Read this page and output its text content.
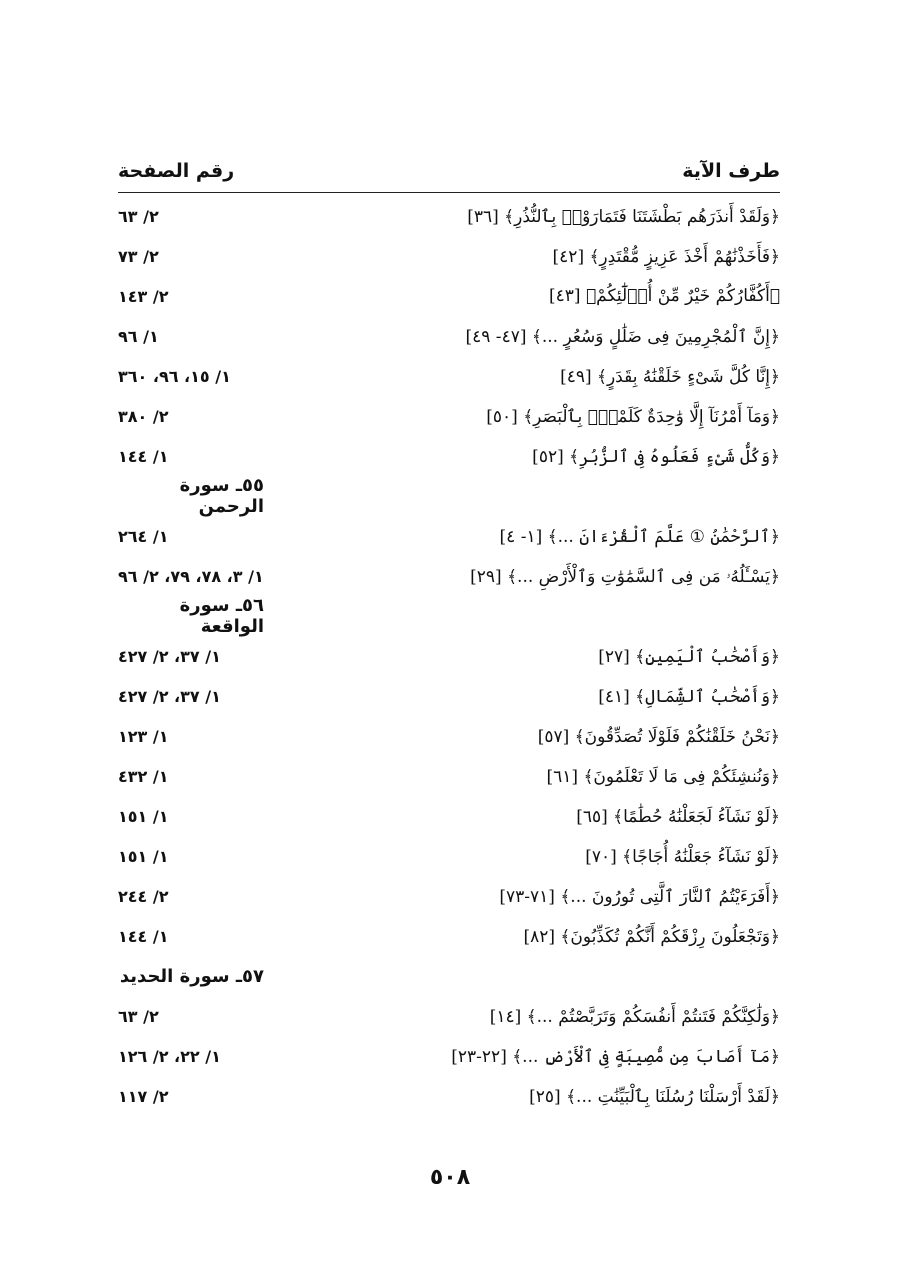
طرف الآية
رقم الصفحة
﴿وَلَقَدْ أَنذَرَهُم بَطْشَتَنَا فَتَمَارَوْا۟ بِٱلنُّذُرِ﴾ [٣٦]
٢/ ٦٣
﴿فَأَخَذْنَٰهُمْ أَخْذَ عَزِيزٍ مُّقْتَدِرٍ﴾ [٤٢]
٢/ ٧٣
﴿أَكُفَّارُكُمْ خَيْرٌ مِّنْ أُو۟لَٰٓئِكُمْ﴾ [٤٣]
٢/ ١٤٣
﴿إِنَّ ٱلْمُجْرِمِينَ فِى ضَلَٰلٍ وَسُعُرٍ ...﴾ [٤٧- ٤٩]
١/ ٩٦
﴿إِنَّا كُلَّ شَىْءٍ خَلَقْنَٰهُ بِقَدَرٍ﴾ [٤٩]
١/ ١٥، ٩٦، ٣٦٠
﴿وَمَآ أَمْرُنَآ إِلَّا وَٰحِدَةٌ كَلَمْحٍۭ بِٱلْبَصَرِ﴾ [٥٠]
٢/ ٣٨٠
﴿وَكُلُّ شَىْءٍ فَعَلُوهُ فِى ٱلزُّبُرِ﴾ [٥٢]
١/ ١٤٤
٥٥ـ سورة الرحمن
﴿ٱلرَّحْمَٰنُ ① عَلَّمَ ٱلْقُرْءَانَ ...﴾ [١- ٤]
١/ ٢٦٤
﴿يَسْـَٔلُهُۥ مَن فِى ٱلسَّمَٰوَٰتِ وَٱلْأَرْضِ ...﴾ [٢٩]
١/ ٣، ٧٨، ٧٩، ٢/ ٩٦
٥٦ـ سورة الواقعة
﴿وَأَصْحَٰبُ ٱلْيَمِينِ﴾ [٢٧]
١/ ٣٧، ٢/ ٤٢٧
﴿وَأَصْحَٰبُ ٱلشِّمَالِ﴾ [٤١]
١/ ٣٧، ٢/ ٤٢٧
﴿نَحْنُ خَلَقْنَٰكُمْ فَلَوْلَا تُصَدِّقُونَ﴾ [٥٧]
١/ ١٢٣
﴿وَنُنشِئَكُمْ فِى مَا لَا تَعْلَمُونَ﴾ [٦١]
١/ ٤٣٢
﴿لَوْ نَشَآءُ لَجَعَلْنَٰهُ حُطَٰمًا﴾ [٦٥]
١/ ١٥١
﴿لَوْ نَشَآءُ جَعَلْنَٰهُ أُجَاجًا﴾ [٧٠]
١/ ١٥١
﴿أَفَرَءَيْتُمُ ٱلنَّارَ ٱلَّتِى تُورُونَ ...﴾ [٧١-٧٣]
٢/ ٢٤٤
﴿وَتَجْعَلُونَ رِزْقَكُمْ أَنَّكُمْ تُكَذِّبُونَ﴾ [٨٢]
١/ ١٤٤
٥٧ـ سورة الحديد
﴿وَلَٰكِنَّكُمْ فَتَنتُمْ أَنفُسَكُمْ وَتَرَبَّصْتُمْ ...﴾ [١٤]
٢/ ٦٣
﴿مَآ أَصَابَ مِن مُّصِيبَةٍ فِى ٱلْأَرْضِ ...﴾ [٢٢-٢٣]
١/ ٢٢، ٢/ ١٢٦
﴿لَقَدْ أَرْسَلْنَا رُسُلَنَا بِٱلْبَيِّنَٰتِ ...﴾ [٢٥]
٢/ ١١٧
٥٠٨
